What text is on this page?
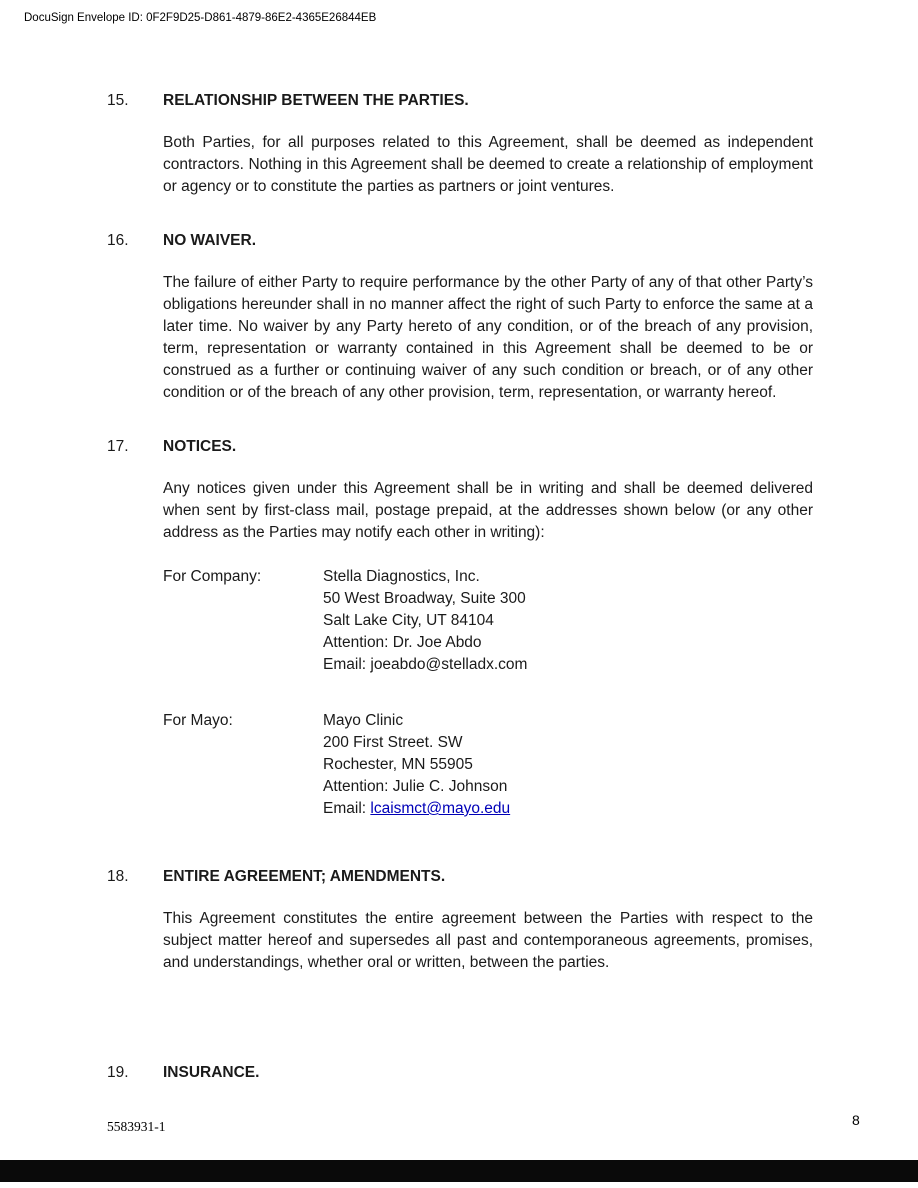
DocuSign Envelope ID: 0F2F9D25-D861-4879-86E2-4365E26844EB
15.	RELATIONSHIP BETWEEN THE PARTIES.

Both Parties, for all purposes related to this Agreement, shall be deemed as independent contractors. Nothing in this Agreement shall be deemed to create a relationship of employment or agency or to constitute the parties as partners or joint ventures.

16.	NO WAIVER.

The failure of either Party to require performance by the other Party of any of that other Party’s obligations hereunder shall in no manner affect the right of such Party to enforce the same at a later time. No waiver by any Party hereto of any condition, or of the breach of any provision, term, representation or warranty contained in this Agreement shall be deemed to be or construed as a further or continuing waiver of any such condition or breach, or of any other condition or of the breach of any other provision, term, representation, or warranty hereof.

17.	NOTICES.

Any notices given under this Agreement shall be in writing and shall be deemed delivered when sent by first-class mail, postage prepaid, at the addresses shown below (or any other address as the Parties may notify each other in writing):

For Company:	Stella Diagnostics, Inc.
50 West Broadway, Suite 300
Salt Lake City, UT 84104
Attention: Dr. Joe Abdo
Email: joeabdo@stelladx.com
For Mayo:	Mayo Clinic
200 First Street. SW
Rochester, MN 55905
Attention: Julie C. Johnson
Email: lcaismct@mayo.edu
18.	ENTIRE AGREEMENT; AMENDMENTS.

This Agreement constitutes the entire agreement between the Parties with respect to the subject matter hereof and supersedes all past and contemporaneous agreements, promises, and understandings, whether oral or written, between the parties.

19.	INSURANCE.
5583931-1	8
